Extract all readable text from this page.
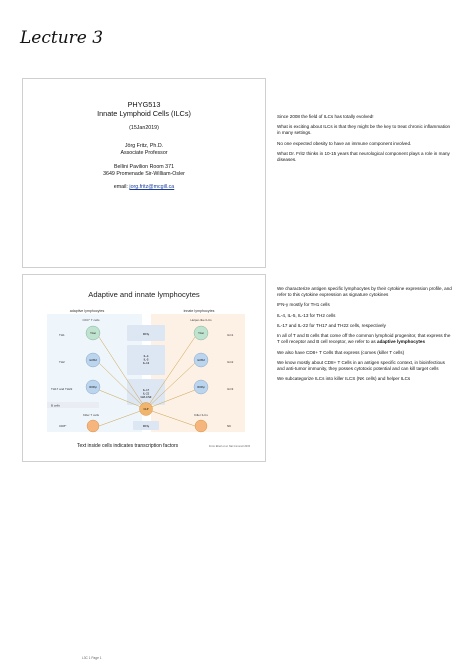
Lecture 3
PHYG513
Innate Lymphoid Cells (ILCs)
(15Jan2019)
Jörg Fritz, Ph.D.
Associate Professor
Bellini Pavilion Room 371
3649 Promenade Sir-William-Osler
email: jorg.fritz@mcgill.ca

Since 2008 the field of ILCs has totally evolved!

What is exciting about ILCs is that they might be the key to treat chronic inflammation in many settings.

No one expected obesity to have an immune component involved.

What Dr. Fritz thinks in 10-15 years that neurological component plays a role in many diseases.

Adaptive and innate lymphocytes
adaptive lymphocytes	innate lymphocytes
CD4⁺ T cells	Helper-like ILCs
IFNγ
IL-4 IL-5 IL-13
IL-17 IL-22 GM-CSF
TH1
TH2
TH17 and TH22
ILC1
ILC2
ILC3
T-bet
GATA3
RORγt
T-bet
GATA3
RORγt
B cells
CLP
Killer T cells	Killer ILCs
CD8⁺	NK
IFNγ
Text inside cells indicates transcription factors	From Eberl et al. Nat Immunol 2015

We characterize antigen specific lymphocytes by their cytokine expression profile, and refer to this cytokine expression as signature cytokines

IFN-γ mostly for TH1 cells

IL-4, IL-5, IL-13 for TH2 cells

IL-17 and IL-22 for TH17 and TH22 cells, respectively

In all of T and B cells that come off the common lymphoid progenitor, that express the T cell receptor and B cell receptor, we refer to as adaptive lymphocytes

We also have CD8+ T Cells that express (comes (killer T cells)

We know mostly about CD8+ T Cells in an antigen specific context, in bioinfectious and anti-tumor immunity, they posses cytotoxic potential and can kill target cells

We subcategorize ILCs into killer ILCS (NK cells) and helper ILCs

L3C 1 Page 1
